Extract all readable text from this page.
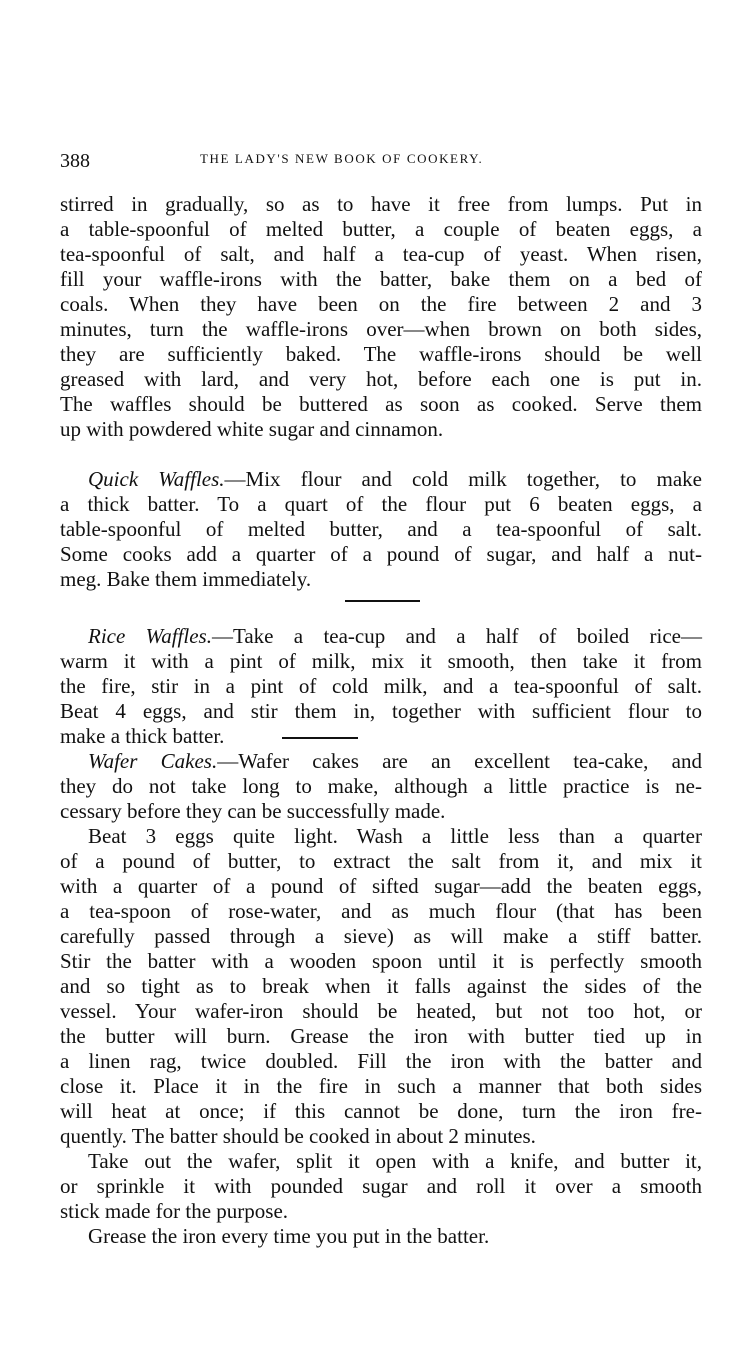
388	THE LADY'S NEW BOOK OF COOKERY.
stirred in gradually, so as to have it free from lumps. Put in
a table-spoonful of melted butter, a couple of beaten eggs, a
tea-spoonful of salt, and half a tea-cup of yeast. When risen,
fill your waffle-irons with the batter, bake them on a bed of
coals. When they have been on the fire between 2 and 3
minutes, turn the waffle-irons over—when brown on both sides,
they are sufficiently baked. The waffle-irons should be well
greased with lard, and very hot, before each one is put in.
The waffles should be buttered as soon as cooked. Serve them
up with powdered white sugar and cinnamon.
Quick Waffles.—Mix flour and cold milk together, to make
a thick batter. To a quart of the flour put 6 beaten eggs, a
table-spoonful of melted butter, and a tea-spoonful of salt.
Some cooks add a quarter of a pound of sugar, and half a nut-
meg. Bake them immediately.
Rice Waffles.—Take a tea-cup and a half of boiled rice—
warm it with a pint of milk, mix it smooth, then take it from
the fire, stir in a pint of cold milk, and a tea-spoonful of salt.
Beat 4 eggs, and stir them in, together with sufficient flour to
make a thick batter.
Wafer Cakes.—Wafer cakes are an excellent tea-cake, and
they do not take long to make, although a little practice is ne-
cessary before they can be successfully made.
Beat 3 eggs quite light. Wash a little less than a quarter
of a pound of butter, to extract the salt from it, and mix it
with a quarter of a pound of sifted sugar—add the beaten eggs,
a tea-spoon of rose-water, and as much flour (that has been
carefully passed through a sieve) as will make a stiff batter.
Stir the batter with a wooden spoon until it is perfectly smooth
and so tight as to break when it falls against the sides of the
vessel. Your wafer-iron should be heated, but not too hot, or
the butter will burn. Grease the iron with butter tied up in
a linen rag, twice doubled. Fill the iron with the batter and
close it. Place it in the fire in such a manner that both sides
will heat at once; if this cannot be done, turn the iron fre-
quently. The batter should be cooked in about 2 minutes.
Take out the wafer, split it open with a knife, and butter it,
or sprinkle it with pounded sugar and roll it over a smooth
stick made for the purpose.
Grease the iron every time you put in the batter.
